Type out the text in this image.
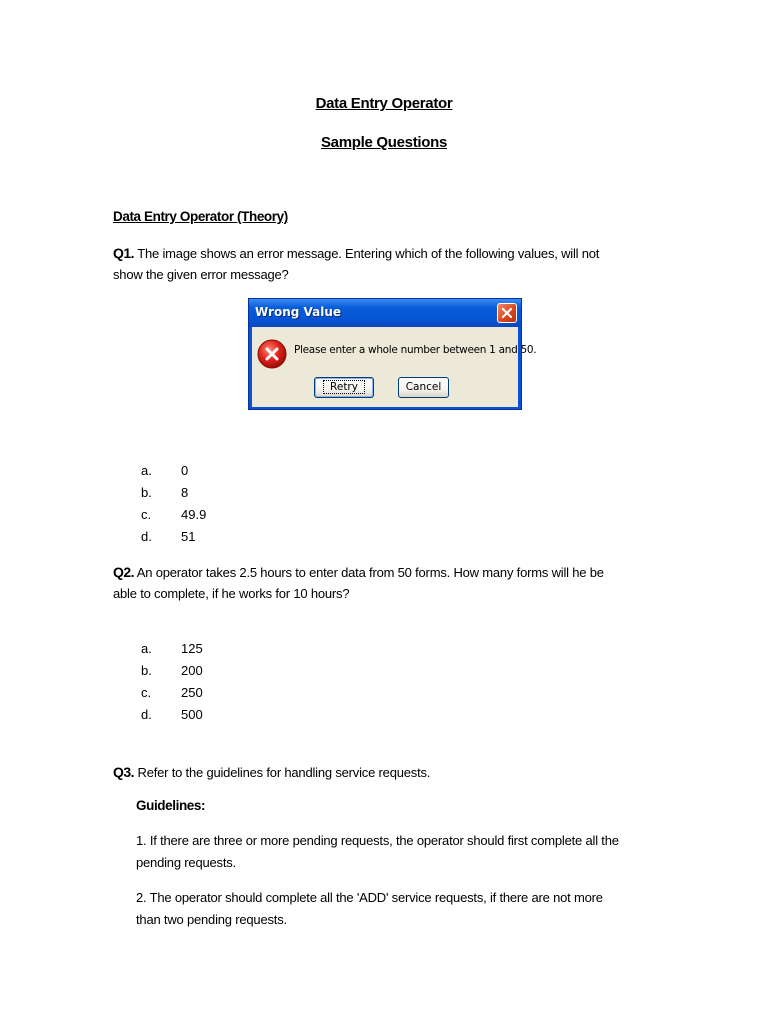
Data Entry Operator
Sample Questions
Data Entry Operator (Theory)
Q1. The image shows an error message. Entering which of the following values, will not
show the given error message?
Wrong Value
Please enter a whole number between 1 and 50.
Retry	Cancel
a. 0
b. 8
c. 49.9
d. 51
Q2. An operator takes 2.5 hours to enter data from 50 forms. How many forms will he be
able to complete, if he works for 10 hours?
a. 125
b. 200
c. 250
d. 500
Q3. Refer to the guidelines for handling service requests.
Guidelines:
1. If there are three or more pending requests, the operator should first complete all the
pending requests.
2. The operator should complete all the 'ADD' service requests, if there are not more
than two pending requests.
